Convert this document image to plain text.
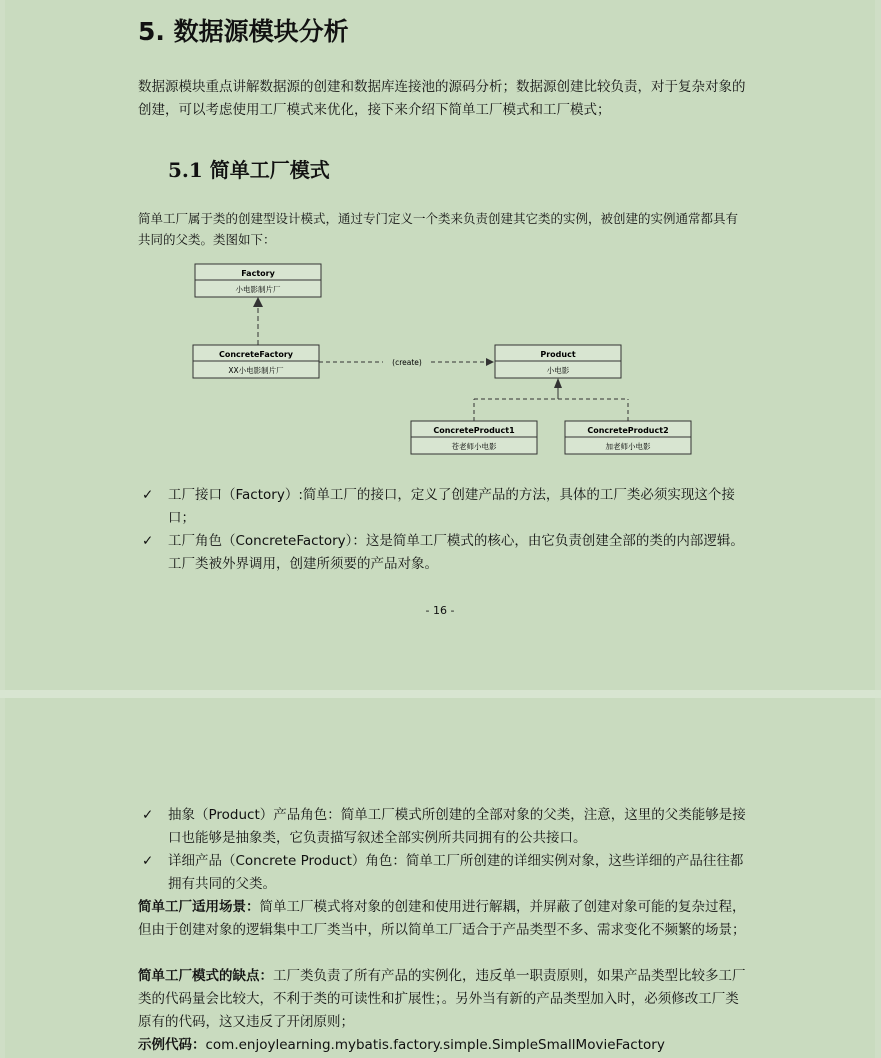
5. 数据源模块分析

数据源模块重点讲解数据源的创建和数据库连接池的源码分析；数据源创建比较负责，对于复杂对象的创建，可以考虑使用工厂模式来优化，接下来介绍下简单工厂模式和工厂模式；

5.1 简单工厂模式

简单工厂属于类的创建型设计模式，通过专门定义一个类来负责创建其它类的实例，被创建的实例通常都具有共同的父类。类图如下：

Factory
小电影制片厂
ConcreteFactory
XX小电影制片厂
Product
小电影
ConcreteProduct1
苍老师小电影
ConcreteProduct2
加老师小电影
(create)
✓ 工厂接口（Factory）:简单工厂的接口，定义了创建产品的方法，具体的工厂类必须实现这个接口；
✓ 工厂角色（ConcreteFactory）：这是简单工厂模式的核心，由它负责创建全部的类的内部逻辑。工厂类被外界调用，创建所须要的产品对象。
- 16 -
✓ 抽象（Product）产品角色：简单工厂模式所创建的全部对象的父类，注意，这里的父类能够是接口也能够是抽象类，它负责描写叙述全部实例所共同拥有的公共接口。
✓ 详细产品（Concrete Product）角色：简单工厂所创建的详细实例对象，这些详细的产品往往都拥有共同的父类。

简单工厂适用场景：简单工厂模式将对象的创建和使用进行解耦，并屏蔽了创建对象可能的复杂过程，但由于创建对象的逻辑集中工厂类当中，所以简单工厂适合于产品类型不多、需求变化不频繁的场景；

简单工厂模式的缺点：工厂类负责了所有产品的实例化，违反单一职责原则，如果产品类型比较多工厂类的代码量会比较大，不利于类的可读性和扩展性；。另外当有新的产品类型加入时，必须修改工厂类原有的代码，这又违反了开闭原则；

示例代码：com.enjoylearning.mybatis.factory.simple.SimpleSmallMovieFactory
